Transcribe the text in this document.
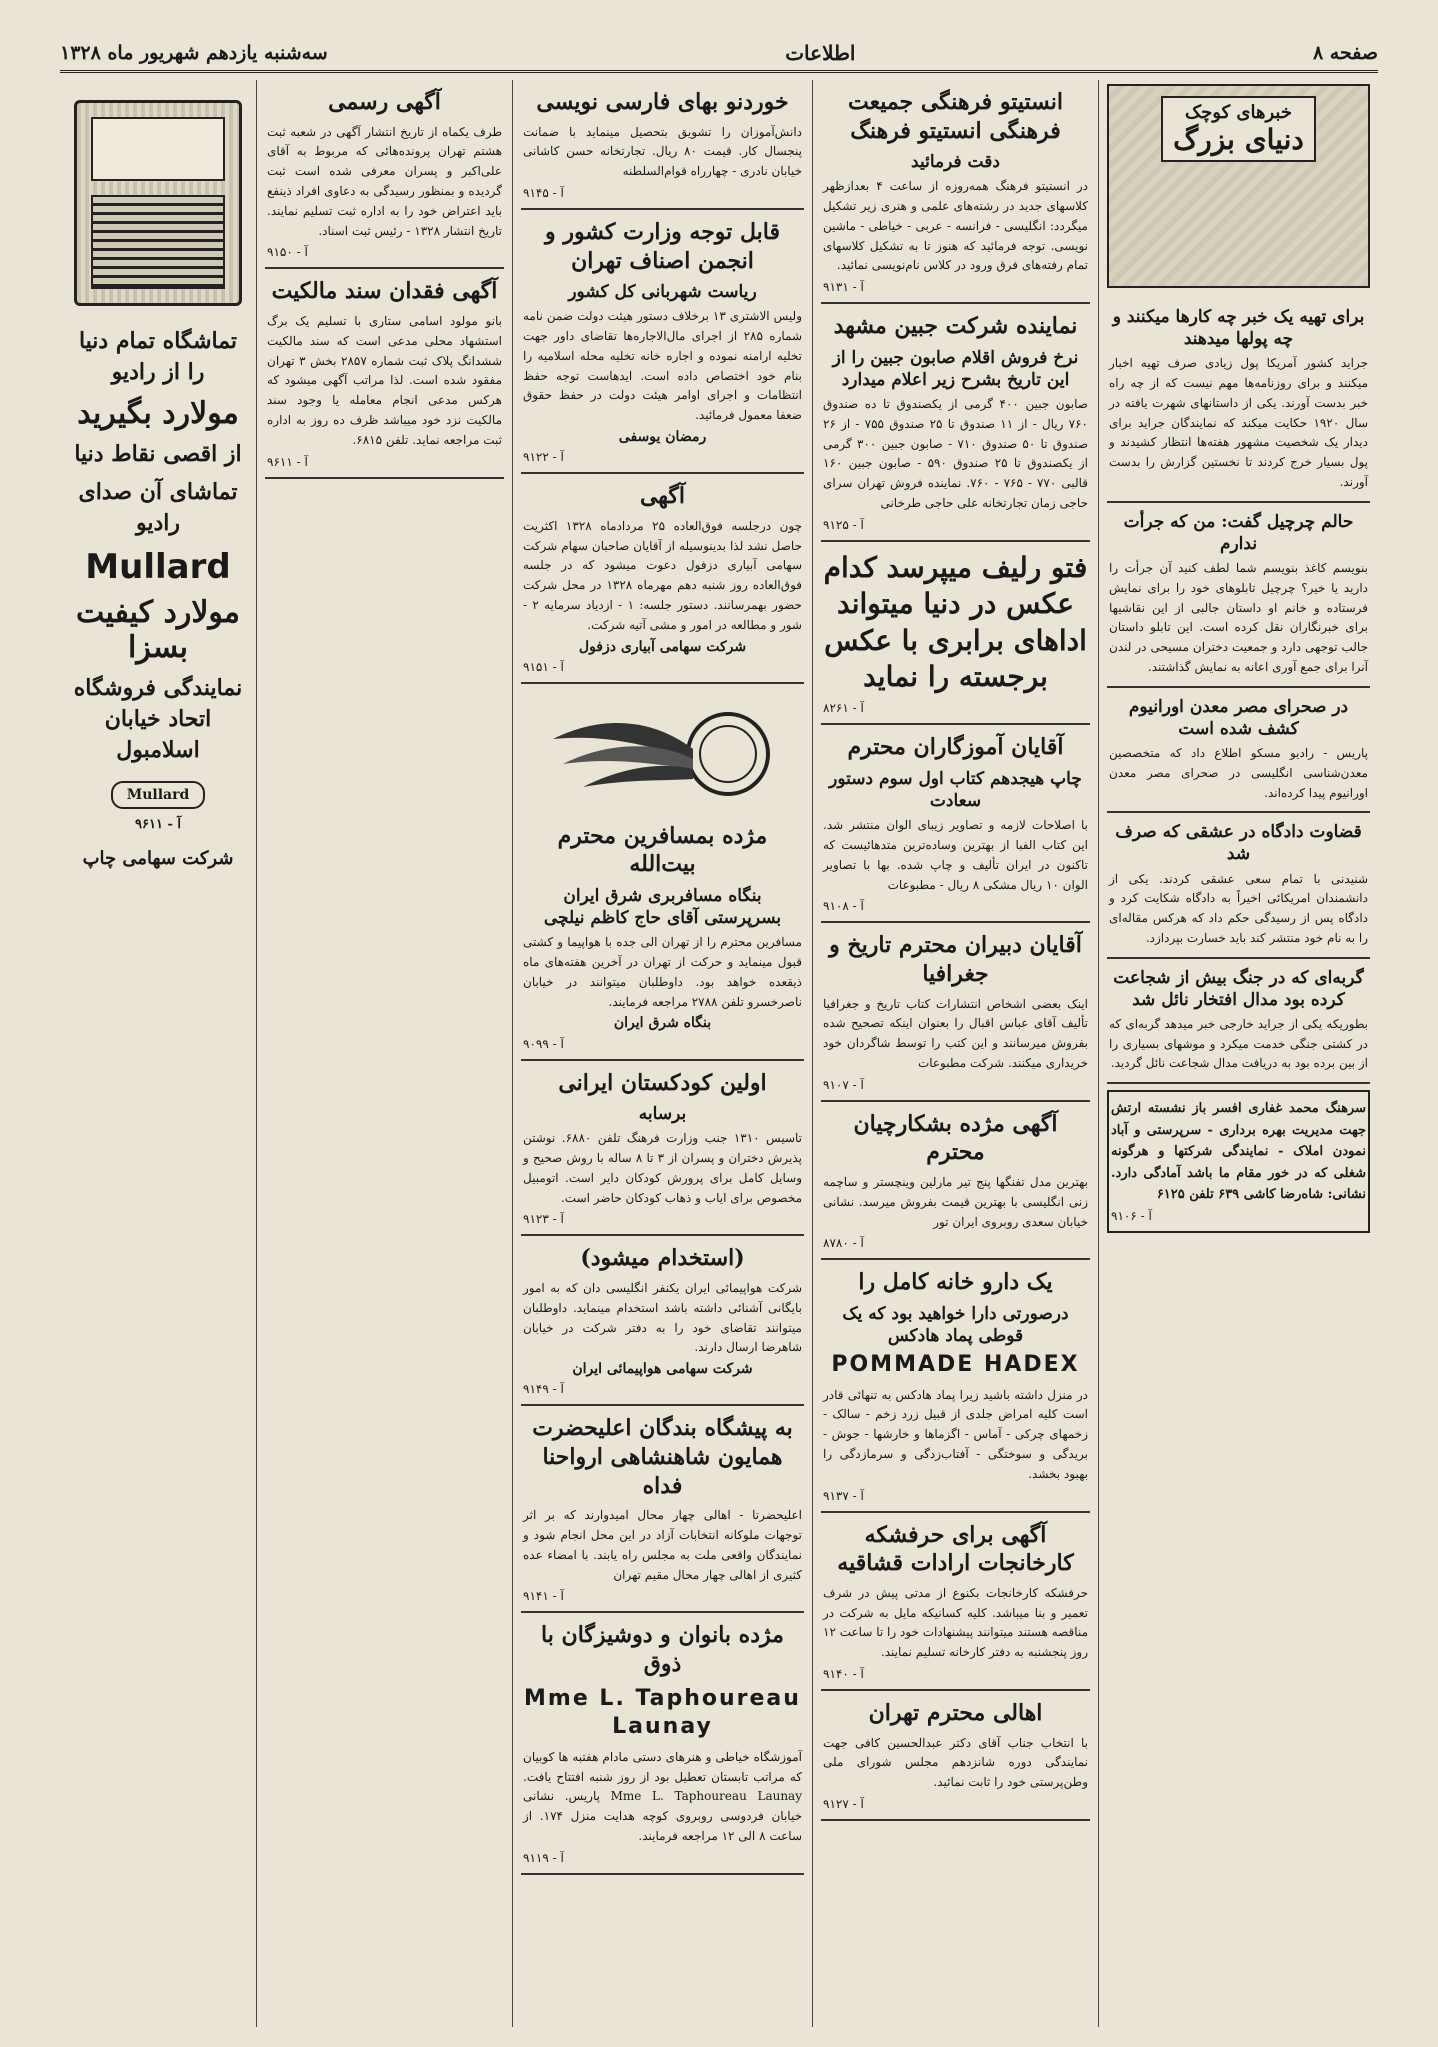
صفحه ۸
اطلاعات
سه‌شنبه یازدهم شهریور ماه ۱۳۲۸
خبرهای کوچک
دنیای بزرگ
برای تهیه یک خبر چه کارها میکنند و چه پولها میدهند

جراید کشور آمریکا پول زیادی صرف تهیه اخبار میکنند و برای روزنامه‌ها مهم نیست که از چه راه خبر بدست آورند. یکی از داستانهای شهرت یافته در سال ۱۹۲۰ حکایت میکند که نمایندگان جراید برای دیدار یک شخصیت مشهور هفته‌ها انتظار کشیدند و پول بسیار خرج کردند تا نخستین گزارش را بدست آورند.

حالم چرچیل گفت: من که جرأت ندارم

بنویسم کاغذ بنویسم شما لطف کنید آن جرأت را دارید یا خیر؟ چرچیل تابلوهای خود را برای نمایش فرستاده و خانم او داستان جالبی از این نقاشیها برای خبرنگاران نقل کرده است. این تابلو داستان جالب توجهی دارد و جمعیت دختران مسیحی در لندن آنرا برای جمع آوری اعانه به نمایش گذاشتند.

در صحرای مصر معدن اورانیوم کشف شده است

پاریس - رادیو مسکو اطلاع داد که متخصصین معدن‌شناسی انگلیسی در صحرای مصر معدن اورانیوم پیدا کرده‌اند.

قضاوت دادگاه در عشقی که صرف شد

شنیدنی با تمام سعی عشقی کردند. یکی از دانشمندان امریکائی اخیراً به دادگاه شکایت کرد و دادگاه پس از رسیدگی حکم داد که هرکس مقاله‌ای را به نام خود منتشر کند باید خسارت بپردازد.

گربه‌ای که در جنگ بیش از شجاعت کرده بود مدال افتخار نائل شد

بطوریکه یکی از جراید خارجی خبر میدهد گربه‌ای که در کشتی جنگی خدمت میکرد و موشهای بسیاری را از بین برده بود به دریافت مدال شجاعت نائل گردید.

سرهنگ محمد غفاری افسر باز نشسته ارتش جهت مدیریت بهره برداری - سرپرستی و آباد نمودن املاک - نمایندگی شرکتها و هرگونه شغلی که در خور مقام ما باشد آمادگی دارد. نشانی: شاه‌رضا کاشی ۶۳۹ تلفن ۶۱۲۵

آ - ۹۱۰۶
انستیتو فرهنگی جمیعت فرهنگی انستیتو فرهنگ
دقت فرمائید

در انستیتو فرهنگ همه‌روزه از ساعت ۴ بعدازظهر کلاسهای جدید در رشته‌های علمی و هنری زیر تشکیل میگردد: انگلیسی - فرانسه - عربی - خیاطی - ماشین نویسی. توجه فرمائید که هنوز تا به تشکیل کلاسهای تمام رفته‌های فرق ورود در کلاس نام‌نویسی نمائید.

آ - ۹۱۳۱
نماینده شرکت جبین مشهد
نرخ فروش اقلام صابون جبین را از این تاریخ بشرح زیر اعلام میدارد

صابون جبین ۴۰۰ گرمی از یکصندوق تا ده صندوق ۷۶۰ ریال - از ۱۱ صندوق تا ۲۵ صندوق ۷۵۵ - از ۲۶ صندوق تا ۵۰ صندوق ۷۱۰ - صابون جبین ۳۰۰ گرمی از یکصندوق تا ۲۵ صندوق ۵۹۰ - صابون جبین ۱۶۰ قالبی ۷۷۰ - ۷۶۵ - ۷۶۰. نماینده فروش تهران سرای حاجی زمان تجارتخانه علی حاجی طرخانی

آ - ۹۱۲۵
فتو رلیف میپرسد کدام عکس در دنیا میتواند اداهای برابری با عکس برجسته را نماید
آ - ۸۲۶۱
آقایان آموزگاران محترم
چاپ هیجدهم کتاب اول سوم دستور سعادت

با اصلاحات لازمه و تصاویر زیبای الوان منتشر شد. این کتاب الفبا از بهترین وساده‌ترین متدهائیست که تاکنون در ایران تألیف و چاپ شده. بها با تصاویر الوان ۱۰ ریال مشکی ۸ ریال - مطبوعات

آ - ۹۱۰۸
آقایان دبیران محترم تاریخ و جغرافیا

اینک بعضی اشخاص انتشارات کتاب تاریخ و جغرافیا تألیف آقای عباس اقبال را بعنوان اینکه تصحیح شده بفروش میرسانند و این کتب را توسط شاگردان خود خریداری میکنند. شرکت مطبوعات

آ - ۹۱۰۷
آگهی مژده بشکارچیان محترم

بهترین مدل تفنگها پنج تیر مارلین وینچستر و ساچمه زنی انگلیسی با بهترین قیمت بفروش میرسد. نشانی خیابان سعدی روبروی ایران تور

آ - ۸۷۸۰
یک دارو خانه کامل را
درصورتی دارا خواهید بود که یک قوطی پماد هادکس
POMMADE HADEX

در منزل داشته باشید زیرا پماد هادکس به تنهائی قادر است کلیه امراض جلدی از قبیل زرد زخم - سالک - زخمهای چرکی - آماس - اگزماها و خارشها - جوش - بریدگی و سوختگی - آفتاب‌زدگی و سرمازدگی را بهبود بخشد.

آ - ۹۱۳۷
آگهی برای حرفشکه کارخانجات ارادات قشاقیه

حرفشکه کارخانجات بکنوع از مدتی پیش در شرف تعمیر و بنا میباشد. کلیه کسانیکه مایل به شرکت در مناقصه هستند میتوانند پیشنهادات خود را تا ساعت ۱۲ روز پنجشنبه به دفتر کارخانه تسلیم نمایند.

آ - ۹۱۴۰
اهالی محترم تهران

با انتخاب جناب آقای دکتر عبدالحسین کافی جهت نمایندگی دوره شانزدهم مجلس شورای ملی وطن‌پرستی خود را ثابت نمائید.

آ - ۹۱۲۷
خوردنو بهای فارسی نویسی

دانش‌آموزان را تشویق بتحصیل مینماید با ضمانت پنجسال کار. قیمت ۸۰ ریال. تجارتخانه حسن کاشانی خیابان نادری - چهارراه قوام‌السلطنه

آ - ۹۱۴۵
قابل توجه وزارت کشور و انجمن اصناف تهران
ریاست شهربانی کل کشور

ولیس الاشتری ۱۳ برخلاف دستور هیئت دولت ضمن نامه شماره ۲۸۵ از اجرای مال‌الاجاره‌ها تقاضای داور جهت تخلیه ارامنه نموده و اجاره خانه تخلیه محله اسلامیه را بنام خود اختصاص داده است. ایدهاست توجه حفظ انتظامات و اجرای اوامر هیئت دولت در حفظ حقوق ضعفا معمول فرمائید.

رمضان یوسفی
آ - ۹۱۲۲
آگهی

چون درجلسه فوق‌العاده ۲۵ مردادماه ۱۳۲۸ اکثریت حاصل نشد لذا بدینوسیله از آقایان صاحبان سهام شرکت سهامی آبیاری دزفول دعوت میشود که در جلسه فوق‌العاده روز شنبه دهم مهرماه ۱۳۲۸ در محل شرکت حضور بهمرسانند. دستور جلسه: ۱ - ازدیاد سرمایه ۲ - شور و مطالعه در امور و مشی آتیه شرکت.

شرکت سهامی آبیاری دزفول
آ - ۹۱۵۱
مژده بمسافرین محترم بیت‌الله
بنگاه مسافربری شرق ایران بسرپرستی آقای حاج کاظم نیلچی

مسافرین محترم را از تهران الی جده با هواپیما و کشتی قبول مینماید و حرکت از تهران در آخرین هفته‌های ماه ذیقعده خواهد بود. داوطلبان میتوانند در خیابان ناصرخسرو تلفن ۲۷۸۸ مراجعه فرمایند.

بنگاه شرق ایران
آ - ۹۰۹۹
اولین کودکستان ایرانی
برسابه

تاسیس ۱۳۱۰ جنب وزارت فرهنگ تلفن ۶۸۸۰. نوشتن پذیرش دختران و پسران از ۳ تا ۸ ساله با روش صحیح و وسایل کامل برای پرورش کودکان دایر است. اتومبیل مخصوص برای ایاب و ذهاب کودکان حاضر است.

آ - ۹۱۲۳
(استخدام میشود)

شرکت هواپیمائی ایران یکنفر انگلیسی دان که به امور بایگانی آشنائی داشته باشد استخدام مینماید. داوطلبان میتوانند تقاضای خود را به دفتر شرکت در خیابان شاهرضا ارسال دارند.

شرکت سهامی هواپیمائی ایران
آ - ۹۱۴۹
به پیشگاه بندگان اعلیحضرت همایون شاهنشاهی ارواحنا فداه

اعلیحضرتا - اهالی چهار محال امیدوارند که بر اثر توجهات ملوکانه انتخابات آزاد در این محل انجام شود و نمایندگان واقعی ملت به مجلس راه یابند. با امضاء عده کثیری از اهالی چهار محال مقیم تهران

آ - ۹۱۴۱
مژده بانوان و دوشیزگان با ذوق
Mme L. Taphoureau Launay

آموزشگاه خیاطی و هنرهای دستی مادام هفتبه ها کوبیان که مراتب تابستان تعطیل بود از روز شنبه افتتاح یافت. Mme L. Taphoureau Launay پاریس. نشانی خیابان فردوسی روبروی کوچه هدایت منزل ۱۷۴. از ساعت ۸ الی ۱۲ مراجعه فرمایند.

آ - ۹۱۱۹
آگهی رسمی

طرف یکماه از تاریخ انتشار آگهی در شعبه ثبت هشتم تهران پرونده‌هائی که مربوط به آقای علی‌اکبر و پسران معرفی شده است ثبت گردیده و بمنظور رسیدگی به دعاوی افراد ذینفع باید اعتراض خود را به اداره ثبت تسلیم نمایند. تاریخ انتشار ۱۳۲۸ - رئیس ثبت اسناد.

آ - ۹۱۵۰
آگهی فقدان سند مالکیت

بانو مولود اسامی ستاری با تسلیم یک برگ استشهاد محلی مدعی است که سند مالکیت ششدانگ پلاک ثبت شماره ۲۸۵۷ بخش ۳ تهران مفقود شده است. لذا مراتب آگهی میشود که هرکس مدعی انجام معامله یا وجود سند مالکیت نزد خود میباشد ظرف ده روز به اداره ثبت مراجعه نماید. تلفن ۶۸۱۵.

آ - ۹۶۱۱
تماشگاه تمام دنیا را از رادیو
مولارد بگیرید
از اقصی نقاط دنیا
تماشای آن صدای رادیو
Mullard
مولارد کیفیت بسزا
نمایندگی فروشگاه اتحاد خیابان اسلامبول
Mullard
آ - ۹۶۱۱
شرکت سهامی چاپ
